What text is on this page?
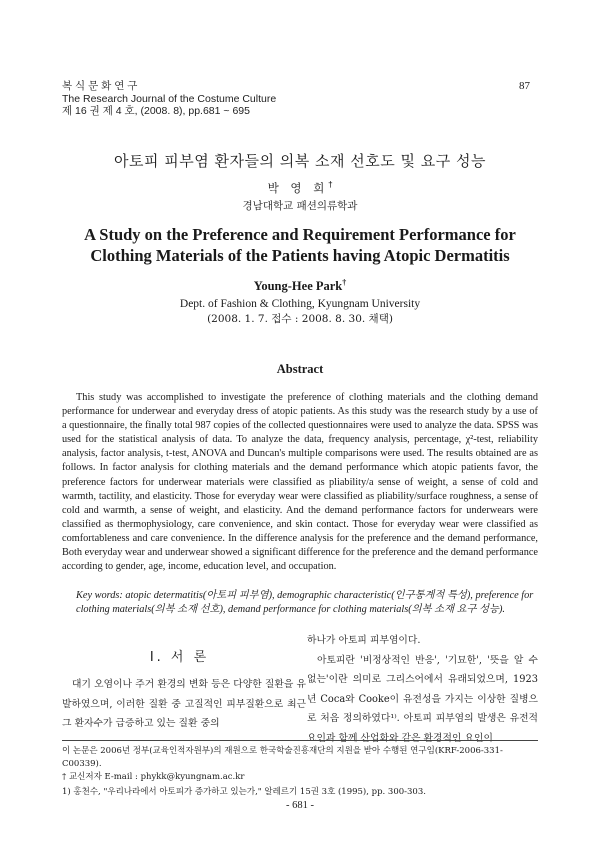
복 식 문 화 연 구
The Research Journal of the Costume Culture
제 16 권 제 4 호, (2008. 8), pp.681 ~ 695
87
아토피 피부염 환자들의 의복 소재 선호도 및 요구 성능
박 영 희†
경남대학교 패션의류학과
A Study on the Preference and Requirement Performance for
Clothing Materials of the Patients having Atopic Dermatitis
Young-Hee Park†
Dept. of Fashion & Clothing, Kyungnam University
(2008. 1. 7. 접수 : 2008. 8. 30. 채택)
Abstract
This study was accomplished to investigate the preference of clothing materials and the clothing demand performance for underwear and everyday dress of atopic patients. As this study was the research study by a use of a questionnaire, the finally total 987 copies of the collected questionnaires were used to analyze the data. SPSS was used for the statistical analysis of data. To analyze the data, frequency analysis, percentage, χ²-test, reliability analysis, factor analysis, t-test, ANOVA and Duncan's multiple comparisons were used. The results obtained are as follows. In factor analysis for clothing materials and the demand performance which atopic patients favor, the preference factors for underwear materials were classified as pliability/a sense of weight, a sense of cold and warmth, tactility, and elasticity. Those for everyday wear were classified as pliability/surface roughness, a sense of cold and warmth, a sense of weight, and elasticity. And the demand performance factors for underwears were classified as thermophysiology, care convenience, and skin contact. Those for everyday wear were classified as comfortableness and care convenience. In the difference analysis for the preference and the demand performance, Both everyday wear and underwear showed a significant difference for the preference and the demand performance according to gender, age, income, education level, and occupation.
Key words: atopic determatitis(아토피 피부염), demographic characteristic(인구통계적 특성), preference for clothing materials(의복 소재 선호), demand performance for clothing materials(의복 소재 요구 성능).
Ⅰ. 서 론
대기 오염이나 주거 환경의 변화 등은 다양한 질환을 유발하였으며, 이러한 질환 중 고질적인 피부질환으로 최근 그 환자수가 급증하고 있는 질환 중의
하나가 아토피 피부염이다.
아토피란 '비정상적인 반응', '기묘한', '뜻을 알 수 없는'이란 의미로 그리스어에서 유래되었으며, 1923년 Coca와 Cooke이 유전성을 가지는 이상한 질병으로 처음 정의하였다¹⁾. 아토피 피부염의 발생은 유전적 요인과 함께 산업화와 같은 환경적인 요인이
이 논문은 2006년 정부(교육인적자원부)의 재원으로 한국학술진흥재단의 지원을 받아 수행된 연구임(KRF-2006-331-C00339).
† 교신저자 E-mail : phykk@kyungnam.ac.kr
1) 홍천수, "우리나라에서 아토피가 증가하고 있는가," 알레르기 15권 3호 (1995), pp. 300-303.
- 681 -
